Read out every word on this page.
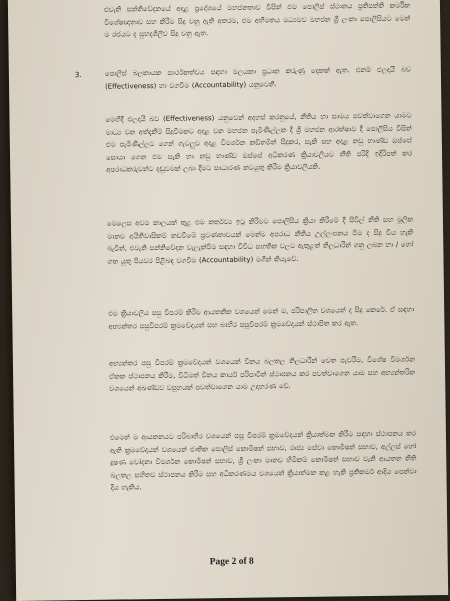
එවැනි සන්නිවේදනයේ අදාළ ප්‍රදේශයේ මහජනතාව විසින් එම පොලිස් ස්ථානය ප්‍රතිපත්ති කර්මික විශේෂඥතාව සහ කිරීම සිදු වනු ඇති අතරම, එම අභිමතය මධ්‍යමව මහජන ශ්‍රී ලංකා පොලිසියට මෙන් ම රජයට ද සුහදශීලීව සිදු වනු ඇත.

3.	පොලිස් බලකායක සාර්ථකත්වය සඳහා මලයකා ප්‍රධාන කරුණු දෙකක් ඇත. එනම් එලදායී බව (Effectiveness) හා වගවීම (Accountability) යනුවෙනි.

මෙහිදී එලදායී බව (Effectiveness) යනුවෙන් අදහස් කරනුයේ, නීතිය හා සාමය පවත්වාගෙන යාමට මාධ්‍ය වන අත්දැකීම් සිදුවීමකට අදාළ වන මහජන පැමිණිල්ලක දී ශ්‍රී මහජන ආරක්ෂාව දී පොලිසිය විසින් එම පැමිණිල්ලට ගෙන් ගැටලුව අදාළ විමර්ශන කඩිනමින් සිදුකර, සැකි සහ අදාළ නඩු භාණ්ඩ ඔස්සේ සොයා ගෙන එම සැකි හා නඩු භාණ්ඩ ඔස්සේ අධිකරණ ක්‍රියාවලියට නීති පරිදි ඉදිරිපත් කර අපරාධකරුවන්ට දඬුවමක් ලබා දීමට සාධාරණ කටයුතු කිරීම ක්‍රියාවලියකි.

මෙලෙස අවම කාලයක් තුළ එම කර්තව්‍ය ඉටු කිරීමට පොලිසිය ක්‍රියා කිරීමේ දී සිවිල් නීති සහ මූලික මානව අයිතිවාසිකම් කඩවීමේ ප්‍රවණතාවයක් මෙන්ම අපරාධ නීතිය උල්ලංඝනය වීම ද සිදු විය හැකි බැවින්, එවැනි සන්නිවේදන වැලැක්වීම සඳහා විවිධ සහතික වලට ඇතුළත් නිලධාරීන් ගනු ලබන හා / හෝ ගත යුතු පියවර පිළිබඳ වගවීම (Accountability) මගින් කියැවේ.

එම ක්‍රියාවලිය පසු විපරම් කිරීම ආයතනික වශයෙන් මෙන් ම, පරිපාලිත වශයෙන් ද සිදු කෙරේ. ඒ සඳහා අභ්‍යන්තර පසුවිපරම් ක්‍රමවේදයන් සහ බාහිර පසුවිපරම් ක්‍රමවේදයන් ස්ථාපිත කර ඇත.

අභ්‍යන්තර පසු විපරම් ක්‍රමවේදයන් වශයෙන් විනය බලතල නිලධාරීන් වෙත පැවරීම, විශේෂ විමර්ශන ඒකක ස්ථාපනය කිරීම, විධිමත් විනය කාර්ය පරිපාටින් ස්ථාපනය කර පවත්වාගෙන යාම සහ අභ්‍යන්තරික වශයෙන් අඛණ්ඩව වසූහයක් පවත්වාගෙන යාම උදාහරණ වේ.

එමෙන් ම ආයතනයට පරිබාහිර වශයෙන් පසු විපරම් ක්‍රමවේදයන් ක්‍රියාත්මක කිරීම සඳහා ස්ථාපනය කර ඇති ක්‍රමවේදයන් වශයෙන් ජාතික පොලිස් කොමිෂන් සභාව, රාජ්‍ය සේවා කොමිෂන් සභාව, අල්ලස් හෝ දූෂණ චෝදනා විමර්ශන කොමිෂන් සභාව, ශ්‍රී ලංකා මානව හිමිකම් කොමිෂන් සභාව වැනි ආයතන නීති බලතල සහිතව ස්ථාපනය කිරීම සහ අධිකරණමය වශයෙන් ක්‍රියාත්මක කළ හැකි ප්‍රතිකර්ම ආදිය පෙන්වා දිය හැකිය.

Page 2 of 8
